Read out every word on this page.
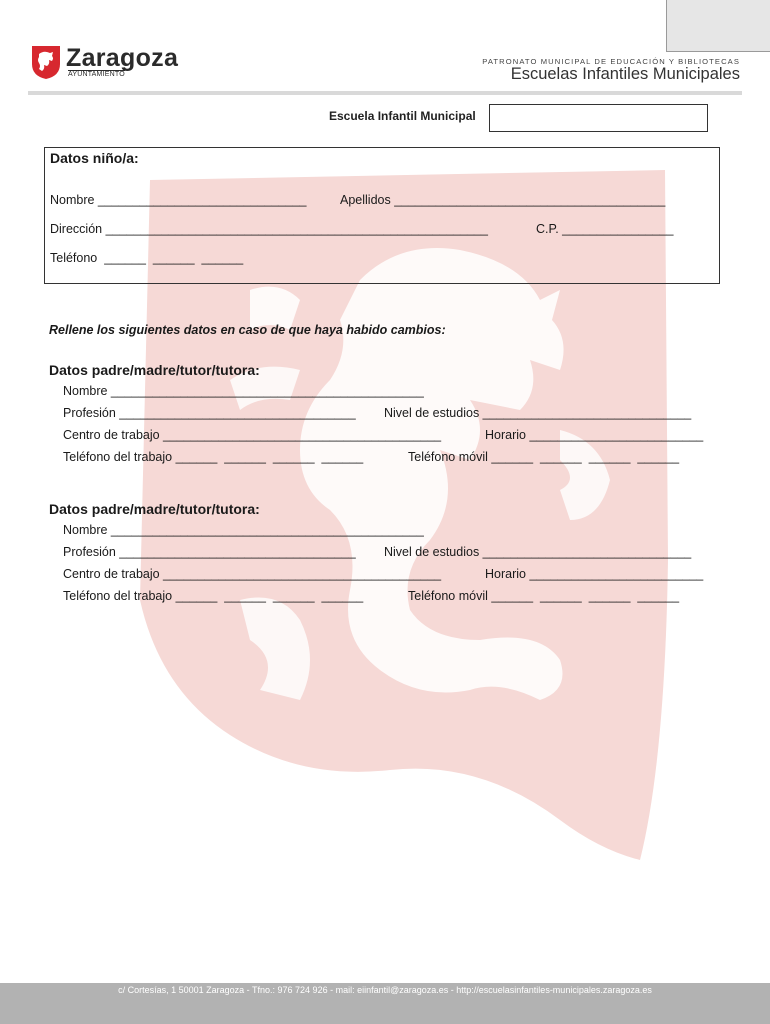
Zaragoza
AYUNTAMIENTO
PATRONATO MUNICIPAL DE EDUCACIÓN Y BIBLIOTECAS
Escuelas Infantiles Municipales
Escuela Infantil Municipal
Datos niño/a:
Nombre ______________________________	Apellidos _______________________________________
Dirección _______________________________________________________	C.P. ________________
Teléfono  ______  ______  ______
Rellene los siguientes datos en caso de que haya habido cambios:
Datos padre/madre/tutor/tutora:
Nombre _____________________________________________
Profesión __________________________________ Nivel de estudios ______________________________
Centro de trabajo ________________________________________	Horario _________________________
Teléfono del trabajo ______  ______  ______  ______	Teléfono móvil ______  ______  ______  ______
Datos padre/madre/tutor/tutora:
Nombre _____________________________________________
Profesión __________________________________ Nivel de estudios ______________________________
Centro de trabajo ________________________________________	Horario _________________________
Teléfono del trabajo ______  ______  ______  ______	Teléfono móvil ______  ______  ______  ______
c/ Cortesías, 1 50001 Zaragoza - Tfno.: 976 724 926 - mail: eiinfantil@zaragoza.es - http://escuelasinfantiles-municipales.zaragoza.es
